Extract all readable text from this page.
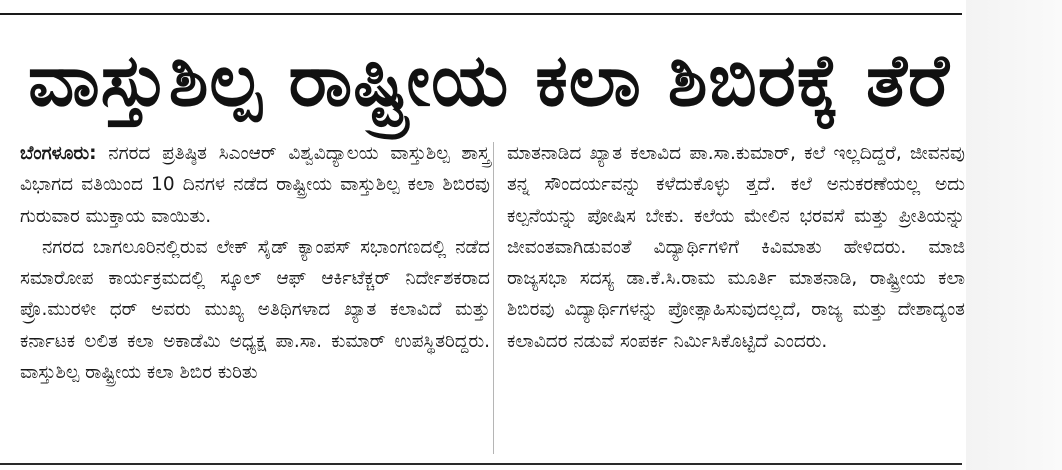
ವಾಸ್ತುಶಿಲ್ಪ ರಾಷ್ಟ್ರೀಯ ಕಲಾ ಶಿಬಿರಕ್ಕೆ ತೆರೆ

ಬೆಂಗಳೂರು: ನಗರದ ಪ್ರತಿಷ್ಠಿತ ಸಿಎಂಆರ್ ವಿಶ್ವವಿದ್ಯಾಲಯ ವಾಸ್ತುಶಿಲ್ಪ ಶಾಸ್ತ್ರ ವಿಭಾಗದ ವತಿಯಿಂದ 10 ದಿನಗಳ ನಡೆದ ರಾಷ್ಟ್ರೀಯ ವಾಸ್ತುಶಿಲ್ಪ ಕಲಾ ಶಿಬಿರವು ಗುರುವಾರ ಮುಕ್ತಾಯ ವಾಯಿತು.

ನಗರದ ಬಾಗಲೂರಿನಲ್ಲಿರುವ ಲೇಕ್ ಸೈಡ್ ಕ್ಯಾಂಪಸ್ ಸಭಾಂಗಣದಲ್ಲಿ ನಡೆದ ಸಮಾರೋಪ ಕಾರ್ಯಕ್ರಮದಲ್ಲಿ ಸ್ಕೂಲ್ ಆಫ್ ಆರ್ಕಿಟೆಕ್ಚರ್ ನಿರ್ದೇಶಕರಾದ ಪ್ರೊ.ಮುರಳೀ ಧರ್ ಅವರು ಮುಖ್ಯ ಅತಿಥಿಗಳಾದ ಖ್ಯಾತ ಕಲಾವಿದೆ ಮತ್ತು ಕರ್ನಾಟಕ ಲಲಿತ ಕಲಾ ಅಕಾಡೆಮಿ ಅಧ್ಯಕ್ಷ ಪಾ.ಸಾ. ಕುಮಾರ್ ಉಪಸ್ಥಿತರಿದ್ದರು. ವಾಸ್ತುಶಿಲ್ಪ ರಾಷ್ಟ್ರೀಯ ಕಲಾ ಶಿಬಿರ ಕುರಿತು

ಮಾತನಾಡಿದ ಖ್ಯಾತ ಕಲಾವಿದ ಪಾ.ಸಾ.ಕುಮಾರ್, ಕಲೆ ಇಲ್ಲದಿದ್ದರೆ, ಜೀವನವು ತನ್ನ ಸೌಂದರ್ಯವನ್ನು ಕಳೆದುಕೊಳ್ಳು ತ್ತದೆ. ಕಲೆ ಅನುಕರಣೆಯಲ್ಲ ಅದು ಕಲ್ಪನೆಯನ್ನು ಪೋಷಿಸ ಬೇಕು. ಕಲೆಯ ಮೇಲಿನ ಭರವಸೆ ಮತ್ತು ಪ್ರೀತಿಯನ್ನು ಜೀವಂತವಾಗಿಡುವಂತೆ ವಿದ್ಯಾರ್ಥಿಗಳಿಗೆ ಕಿವಿಮಾತು ಹೇಳಿದರು. ಮಾಜಿ ರಾಜ್ಯಸಭಾ ಸದಸ್ಯ ಡಾ.ಕೆ.ಸಿ.ರಾಮ ಮೂರ್ತಿ ಮಾತನಾಡಿ, ರಾಷ್ಟ್ರೀಯ ಕಲಾ ಶಿಬಿರವು ವಿದ್ಯಾರ್ಥಿಗಳನ್ನು ಪ್ರೋತ್ಸಾಹಿಸುವುದಲ್ಲದೆ, ರಾಜ್ಯ ಮತ್ತು ದೇಶಾದ್ಯಂತ ಕಲಾವಿದರ ನಡುವೆ ಸಂಪರ್ಕ ನಿರ್ಮಿಸಿಕೊಟ್ಟಿದೆ ಎಂದರು.
